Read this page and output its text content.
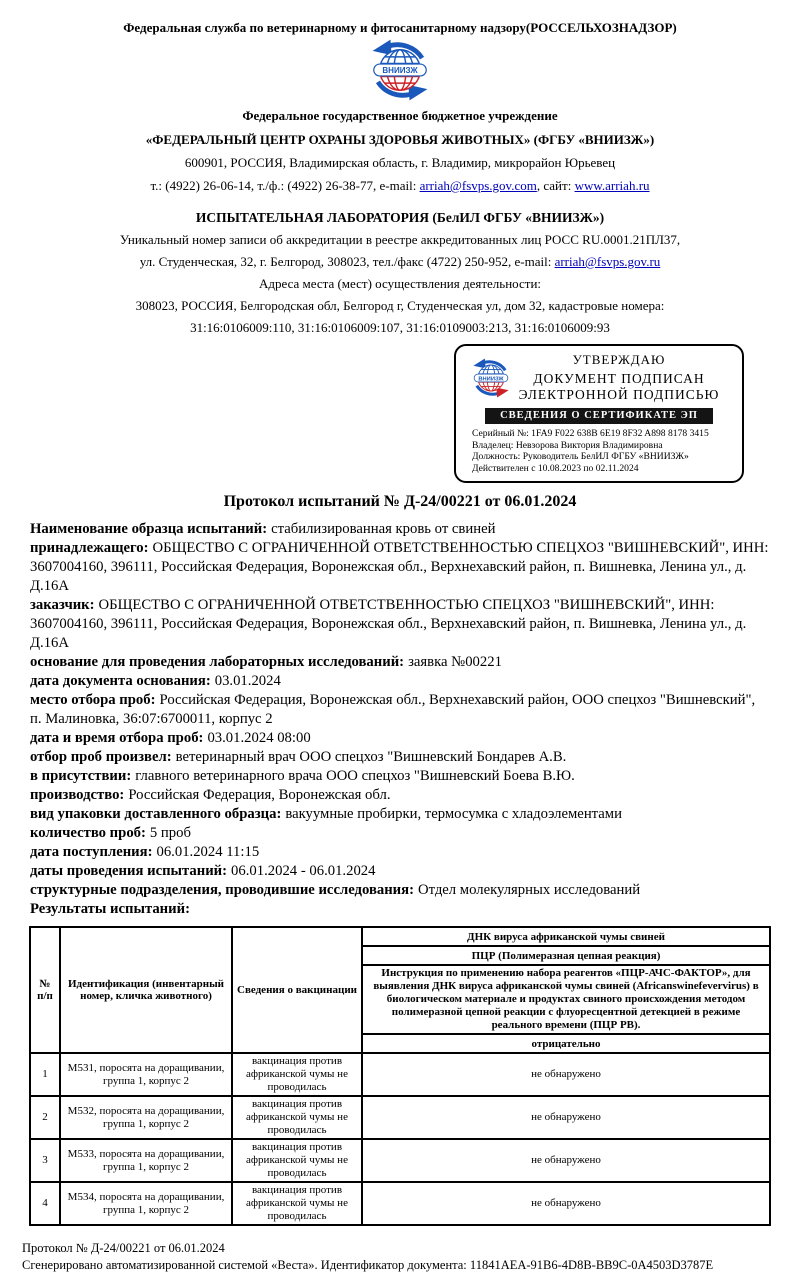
Федеральная служба по ветеринарному и фитосанитарному надзору(РОССЕЛЬХОЗНАДЗОР)
ВНИИЗЖ
Федеральное государственное бюджетное учреждение
«ФЕДЕРАЛЬНЫЙ ЦЕНТР ОХРАНЫ ЗДОРОВЬЯ ЖИВОТНЫХ» (ФГБУ «ВНИИЗЖ»)
600901, РОССИЯ, Владимирская область, г. Владимир, микрорайон Юрьевец
т.: (4922) 26-06-14, т./ф.: (4922) 26-38-77, e-mail: arriah@fsvps.gov.com, сайт: www.arriah.ru
ИСПЫТАТЕЛЬНАЯ ЛАБОРАТОРИЯ (БелИЛ ФГБУ «ВНИИЗЖ»)
Уникальный номер записи об аккредитации в реестре аккредитованных лиц РОСС RU.0001.21ПЛ37,
ул. Студенческая, 32, г. Белгород, 308023, тел./факс (4722) 250-952, e-mail: arriah@fsvps.gov.ru
Адреса места (мест) осуществления деятельности:
308023, РОССИЯ, Белгородская обл, Белгород г, Студенческая ул, дом 32, кадастровые номера:
31:16:0106009:110, 31:16:0106009:107, 31:16:0109003:213, 31:16:0106009:93
ВНИИЗЖ
УТВЕРЖДАЮ
ДОКУМЕНТ ПОДПИСАН
ЭЛЕКТРОННОЙ ПОДПИСЬЮ
СВЕДЕНИЯ О СЕРТИФИКАТЕ ЭП
Серийный №: 1FA9 F022 638B 6E19 8F32 A898 8178 3415
Владелец: Невзорова Виктория Владимировна
Должность: Руководитель БелИЛ ФГБУ «ВНИИЗЖ»
Действителен с 10.08.2023 по 02.11.2024
Протокол испытаний № Д-24/00221 от 06.01.2024

Наименование образца испытаний: стабилизированная кровь от свиней

принадлежащего: ОБЩЕСТВО С ОГРАНИЧЕННОЙ ОТВЕТСТВЕННОСТЬЮ СПЕЦХОЗ "ВИШНЕВСКИЙ", ИНН: 3607004160, 396111, Российская Федерация, Воронежская обл., Верхнехавский район, п. Вишневка, Ленина ул., д. Д.16А

заказчик: ОБЩЕСТВО С ОГРАНИЧЕННОЙ ОТВЕТСТВЕННОСТЬЮ СПЕЦХОЗ "ВИШНЕВСКИЙ", ИНН: 3607004160, 396111, Российская Федерация, Воронежская обл., Верхнехавский район, п. Вишневка, Ленина ул., д. Д.16А

основание для проведения лабораторных исследований: заявка №00221

дата документа основания: 03.01.2024

место отбора проб: Российская Федерация, Воронежская обл., Верхнехавский район, ООО спецхоз "Вишневский", п. Малиновка, 36:07:6700011, корпус 2

дата и время отбора проб: 03.01.2024 08:00

отбор проб произвел: ветеринарный врач ООО спецхоз "Вишневский Бондарев А.В.

в присутствии: главного ветеринарного врача ООО спецхоз "Вишневский Боева В.Ю.

производство: Российская Федерация, Воронежская обл.

вид упаковки доставленного образца: вакуумные пробирки, термосумка с хладоэлементами

количество проб: 5 проб

дата поступления: 06.01.2024 11:15

даты проведения испытаний: 06.01.2024 - 06.01.2024

структурные подразделения, проводившие исследования: Отдел молекулярных исследований

Результаты испытаний:

№
п/п	Идентификация (инвентарный номер, кличка животного)	Сведения о вакцинации	ДНК вируса африканской чумы свиней
			ПЦР (Полимеразная цепная реакция)
			Инструкция по применению набора реагентов «ПЦР-АЧС-ФАКТОР», для выявления ДНК вируса африканской чумы свиней (Africanswinefevervirus) в биологическом материале и продуктах свиного происхождения методом полимеразной цепной реакции с флуоресцентной детекцией в режиме реального времени (ПЦР РВ).
			отрицательно
1	М531, поросята на доращивании, группа 1, корпус 2	вакцинация против африканской чумы не проводилась	не обнаружено
2	М532, поросята на доращивании, группа 1, корпус 2	вакцинация против африканской чумы не проводилась	не обнаружено
3	М533, поросята на доращивании, группа 1, корпус 2	вакцинация против африканской чумы не проводилась	не обнаружено
4	М534, поросята на доращивании, группа 1, корпус 2	вакцинация против африканской чумы не проводилась	не обнаружено
Протокол № Д-24/00221 от 06.01.2024
Сгенерировано автоматизированной системой «Веста». Идентификатор документа: 11841AEA-91B6-4D8B-BB9C-0A4503D3787E
